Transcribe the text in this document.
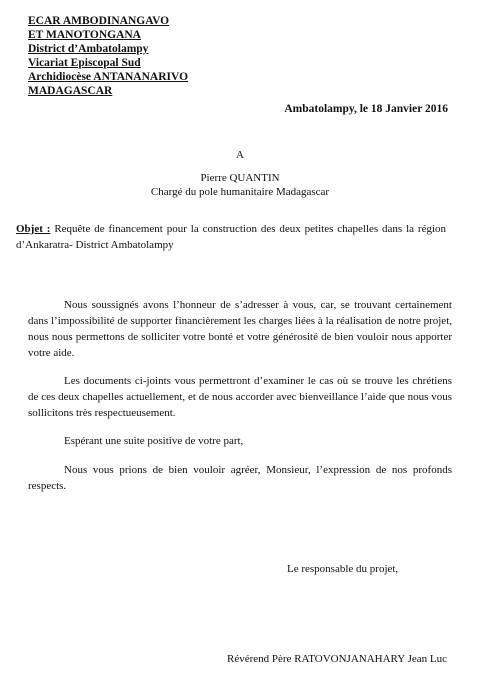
ECAR AMBODINANGAVO
ET MANOTONGANA
District d’Ambatolampy
Vicariat Episcopal Sud
Archidiocèse ANTANANARIVO
MADAGASCAR
Ambatolampy, le 18 Janvier 2016
A
Pierre QUANTIN
Chargé du pole humanitaire Madagascar
Objet : Requête de financement pour la construction des deux petites chapelles dans la région d’Ankaratra- District Ambatolampy

Nous soussignés avons l’honneur de s’adresser à vous, car, se trouvant certainement dans l’impossibilité de supporter financièrement les charges liées à la réalisation de notre projet, nous nous permettons de solliciter votre bonté et votre générosité de bien vouloir nous apporter votre aide.

Les documents ci-joints vous permettront d’examiner le cas où se trouve les chrétiens de ces deux chapelles actuellement, et de nous accorder avec bienveillance l’aide que nous vous sollicitons très respectueusement.

Espérant une suite positive de votre part,

Nous vous prions de bien vouloir agréer, Monsieur, l’expression de nos profonds respects.

Le responsable du projet,
Révérend Père RATOVONJANAHARY Jean Luc
